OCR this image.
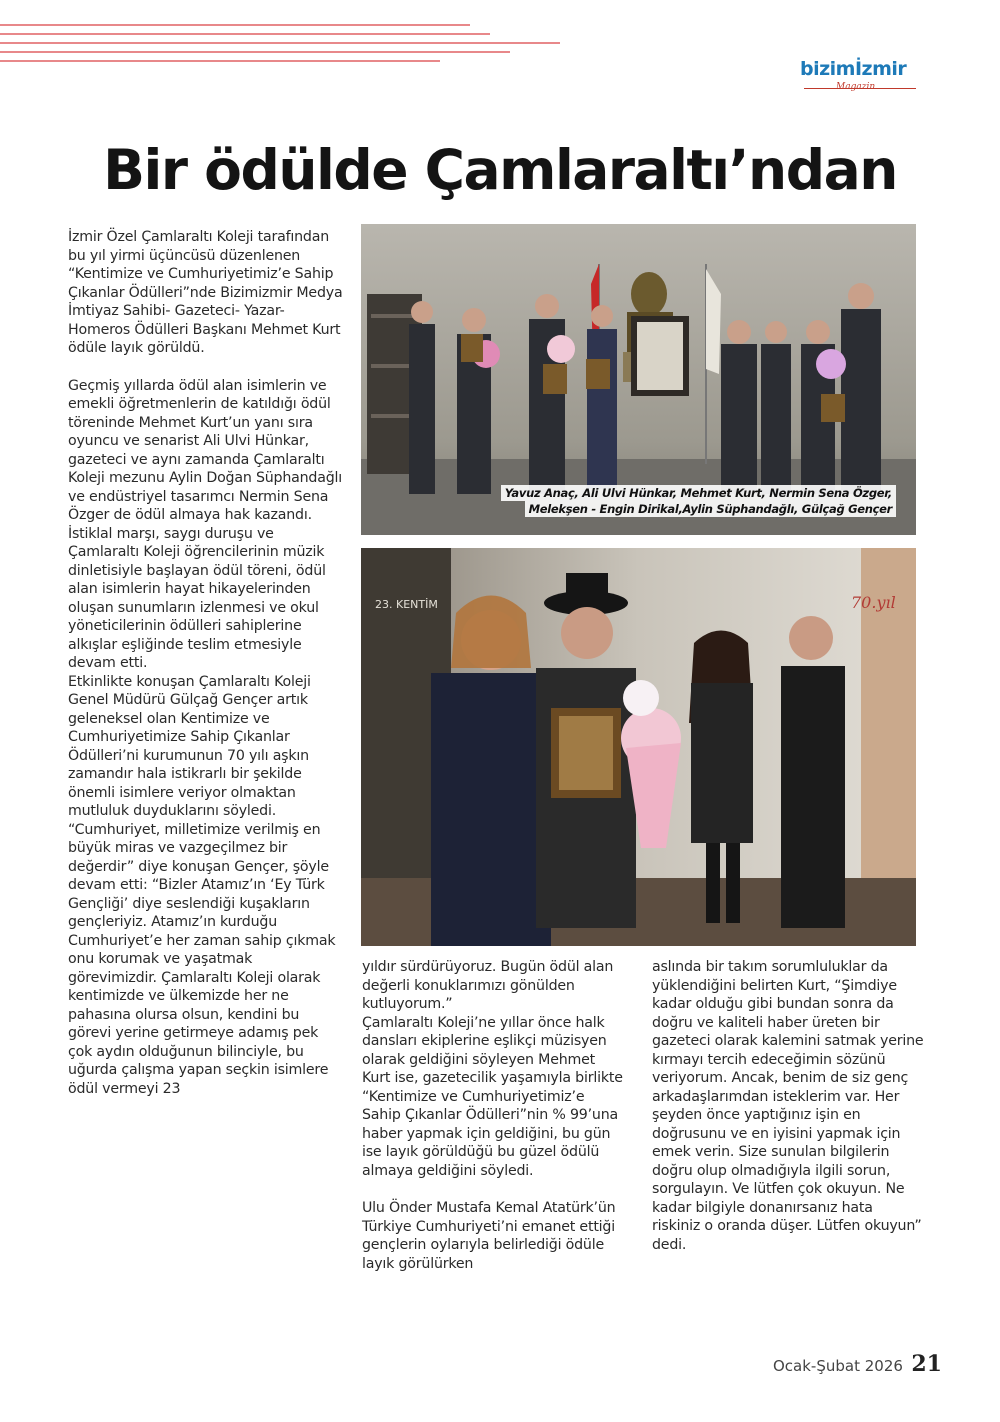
bizimİzmir
Magazin
Bir ödülde Çamlaraltı’ndan

İzmir Özel Çamlaraltı Koleji tarafından bu yıl yirmi üçüncüsü düzenlenen “Kentimize ve Cumhuriyetimiz’e Sahip Çıkanlar Ödülleri”nde Bizimizmir Medya İmtiyaz Sahibi- Gazeteci- Yazar- Homeros Ödülleri Başkanı Mehmet Kurt ödüle layık görüldü.

Geçmiş yıllarda ödül alan isimlerin ve emekli öğretmenlerin de katıldığı ödül töreninde Mehmet Kurt’un yanı sıra oyuncu ve senarist Ali Ulvi Hünkar, gazeteci ve aynı zamanda Çamlaraltı Koleji mezunu Aylin Doğan Süphandağlı ve endüstriyel tasarımcı Nermin Sena Özger de ödül almaya hak kazandı.

İstiklal marşı, saygı duruşu ve Çamlaraltı Koleji öğrencilerinin müzik dinletisiyle başlayan ödül töreni, ödül alan isimlerin hayat hikayelerinden oluşan sunumların izlenmesi ve okul yöneticilerinin ödülleri sahiplerine alkışlar eşliğinde teslim etmesiyle devam etti.

Etkinlikte konuşan Çamlaraltı Koleji Genel Müdürü Gülçağ Gençer artık geleneksel olan Kentimize ve Cumhuriyetimize Sahip Çıkanlar Ödülleri’ni kurumunun 70 yılı aşkın zamandır hala istikrarlı bir şekilde önemli isimlere veriyor olmaktan mutluluk duyduklarını söyledi.

“Cumhuriyet, milletimize verilmiş en büyük miras ve vazgeçilmez bir değerdir” diye konuşan Gençer, şöyle devam etti: “Bizler Atamız’ın ‘Ey Türk Gençliği’ diye seslendiği kuşakların gençleriyiz. Atamız’ın kurduğu Cumhuriyet’e her zaman sahip çıkmak onu korumak ve yaşatmak görevimizdir. Çamlaraltı Koleji olarak kentimizde ve ülkemizde her ne pahasına olursa olsun, kendini bu görevi yerine getirmeye adamış pek çok aydın olduğunun bilinciyle, bu uğurda çalışma yapan seçkin isimlere ödül vermeyi 23

Yavuz Anaç, Ali Ulvi Hünkar, Mehmet Kurt, Nermin Sena Özger,
Melekşen - Engin Dirikal,Aylin Süphandağlı, Gülçağ Gençer
23. KENTİM	70.yıl

yıldır sürdürüyoruz. Bugün ödül alan değerli konuklarımızı gönülden kutluyorum.”

Çamlaraltı Koleji’ne yıllar önce halk dansları ekiplerine eşlikçi müzisyen olarak geldiğini söyleyen Mehmet Kurt ise, gazetecilik yaşamıyla birlikte “Kentimize ve Cumhuriyetimiz’e Sahip Çıkanlar Ödülleri”nin % 99’una haber yapmak için geldiğini, bu gün ise layık görüldüğü bu güzel ödülü almaya geldiğini söyledi.

Ulu Önder Mustafa Kemal Atatürk’ün Türkiye Cumhuriyeti’ni emanet ettiği gençlerin oylarıyla belirlediği ödüle layık görülürken

aslında bir takım sorumluluklar da yüklendiğini belirten Kurt, “Şimdiye kadar olduğu gibi bundan sonra da doğru ve kaliteli haber üreten bir gazeteci olarak kalemini satmak yerine kırmayı tercih edeceğimin sözünü veriyorum. Ancak, benim de siz genç arkadaşlarımdan isteklerim var. Her şeyden önce yaptığınız işin en doğrusunu ve en iyisini yapmak için emek verin. Size sunulan bilgilerin doğru olup olmadığıyla ilgili sorun, sorgulayın. Ve lütfen çok okuyun. Ne kadar bilgiyle donanırsanız hata riskiniz o oranda düşer. Lütfen okuyun” dedi.

Ocak-Şubat 2026 21
